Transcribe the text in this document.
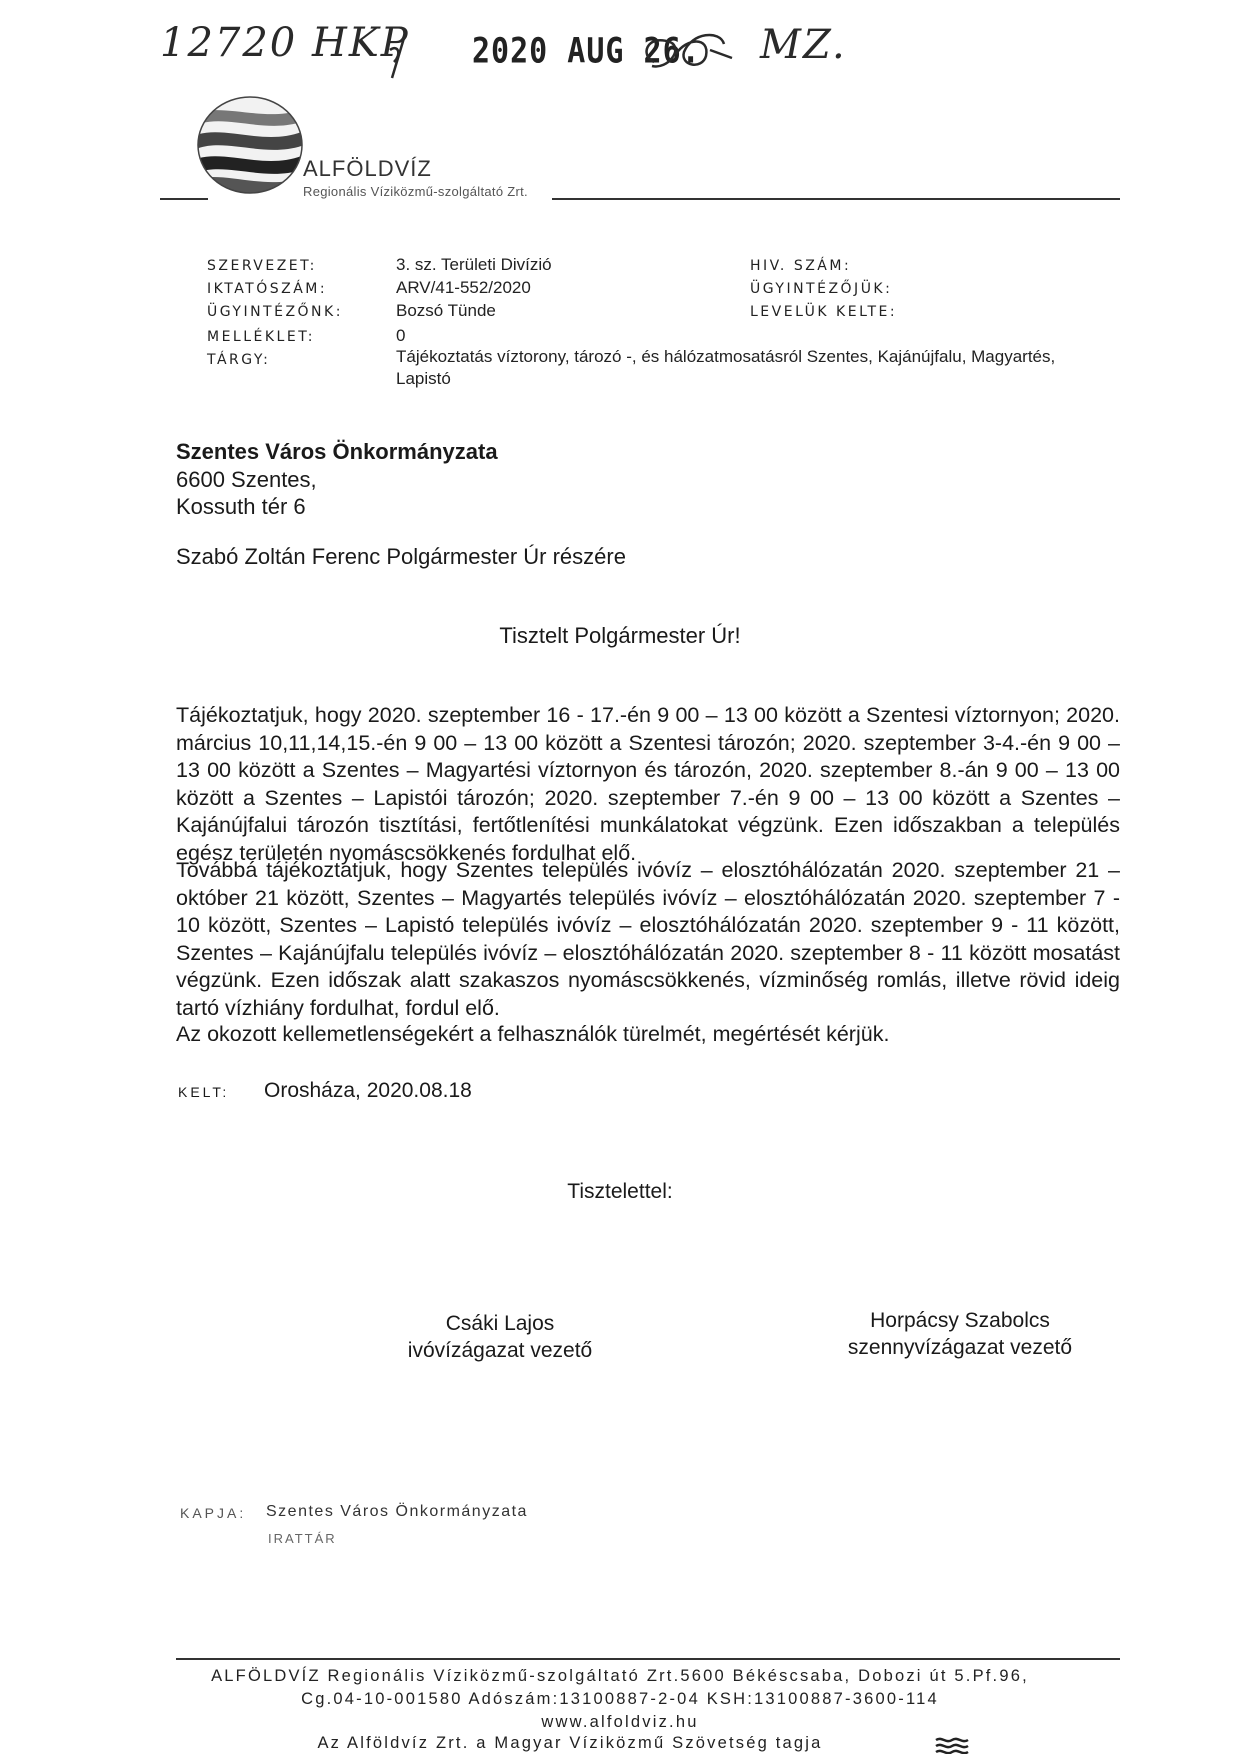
12720 HKP 2020 AUG 26. MZ.
ALFÖLDVÍZ
Regionális Víziközmű-szolgáltató Zrt.
SZERVEZET:	3. sz. Területi Divízió
IKTATÓSZÁM:	ARV/41-552/2020
ÜGYINTÉZŐNK:	Bozsó Tünde
MELLÉKLET:	0
TÁRGY:	Tájékoztatás víztorony, tározó -, és hálózatmosatásról Szentes, Kajánújfalu, Magyartés, Lapistó
HIV. SZÁM:
ÜGYINTÉZŐJÜK:
LEVELÜK KELTE:
Szentes Város Önkormányzata
6600 Szentes,
Kossuth tér 6
Szabó Zoltán Ferenc Polgármester Úr részére
Tisztelt Polgármester Úr!

Tájékoztatjuk, hogy 2020. szeptember 16 - 17.-én 9 00 – 13 00 között a Szentesi víztornyon; 2020. március 10,11,14,15.-én 9 00 – 13 00 között a Szentesi tározón; 2020. szeptember 3-4.-én 9 00 – 13 00 között a Szentes – Magyartési víztornyon és tározón, 2020. szeptember 8.-án 9 00 – 13 00 között a Szentes – Lapistói tározón; 2020. szeptember 7.-én 9 00 – 13 00 között a Szentes – Kajánújfalui tározón tisztítási, fertőtlenítési munkálatokat végzünk. Ezen időszakban a település egész területén nyomáscsökkenés fordulhat elő.

Továbbá tájékoztatjuk, hogy Szentes település ivóvíz – elosztóhálózatán 2020. szeptember 21 – október 21 között, Szentes – Magyartés település ivóvíz – elosztóhálózatán 2020. szeptember 7 - 10 között, Szentes – Lapistó település ivóvíz – elosztóhálózatán 2020. szeptember 9 - 11 között, Szentes – Kajánújfalu település ivóvíz – elosztóhálózatán 2020. szeptember 8 - 11 között mosatást végzünk. Ezen időszak alatt szakaszos nyomáscsökkenés, vízminőség romlás, illetve rövid ideig tartó vízhiány fordulhat, fordul elő.

Az okozott kellemetlenségekért a felhasználók türelmét, megértését kérjük.

KELT: Orosháza, 2020.08.18
Tisztelettel:
Csáki Lajos
ivóvízágazat vezető
Horpácsy Szabolcs
szennyvízágazat vezető
KAPJA: Szentes Város Önkormányzata
IRATTÁR
ALFÖLDVÍZ Regionális Víziközmű-szolgáltató Zrt.5600 Békéscsaba, Dobozi út 5.Pf.96,
Cg.04-10-001580 Adószám:13100887-2-04 KSH:13100887-3600-114
www.alfoldviz.hu
Az Alföldvíz Zrt. a Magyar Víziközmű Szövetség tagja
